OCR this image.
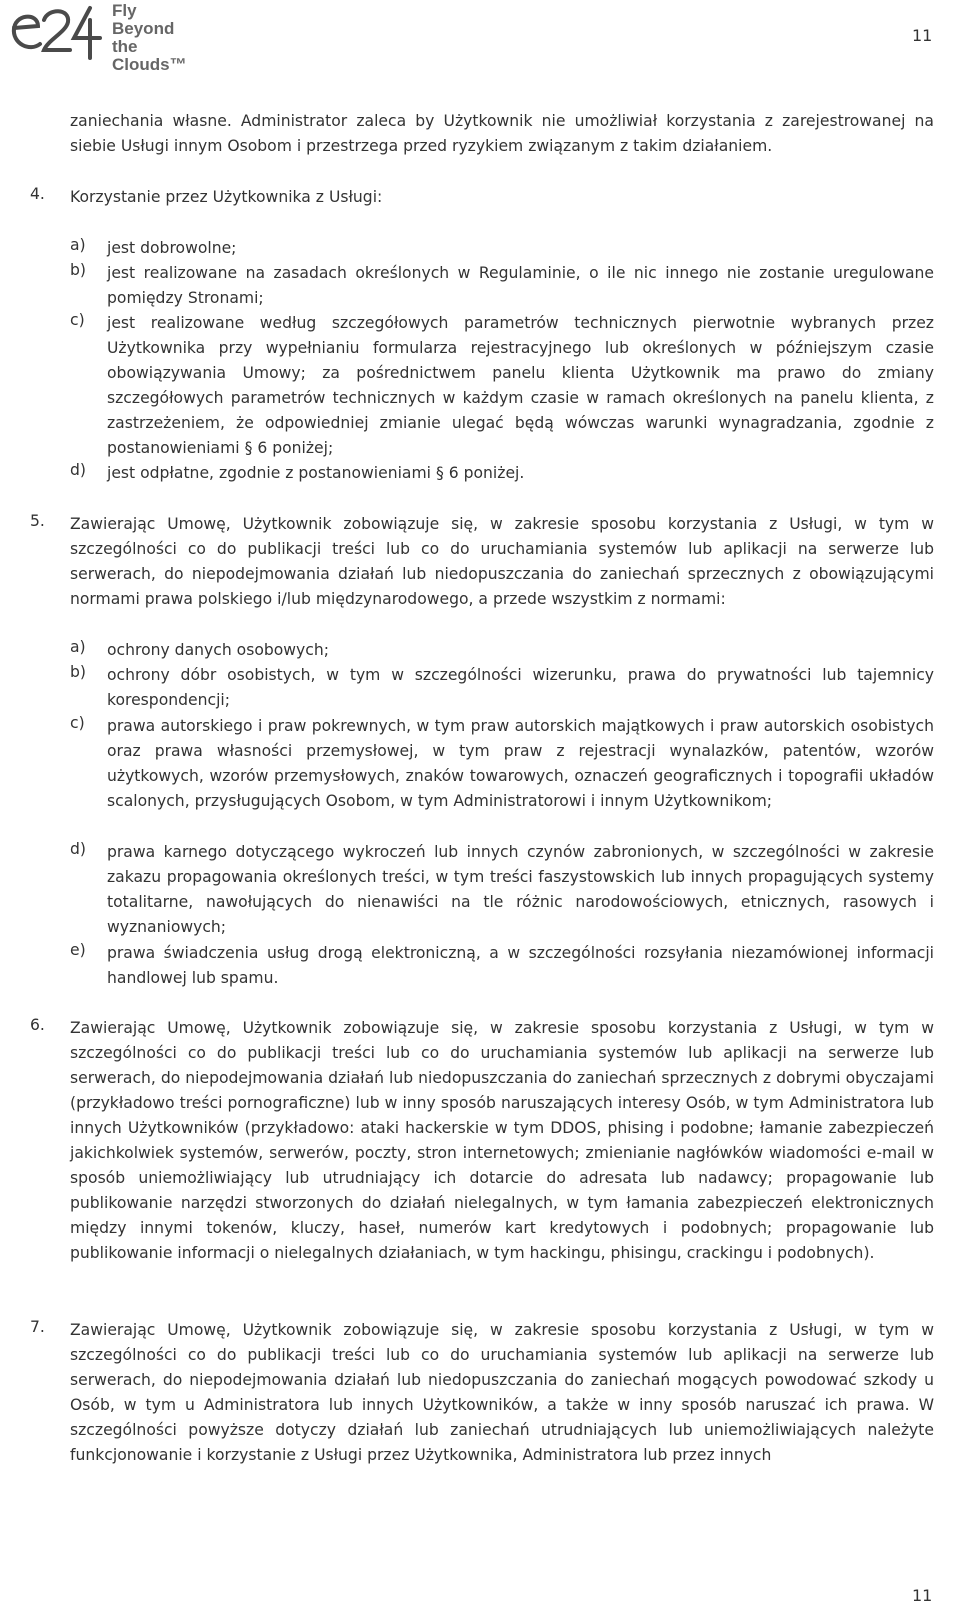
Fly
Beyond
the Clouds™
11
zaniechania własne. Administrator zaleca by Użytkownik nie umożliwiał korzystania z zarejestrowanej na siebie Usługi innym Osobom i przestrzega przed ryzykiem związanym z takim działaniem.
4. Korzystanie przez Użytkownika z Usługi:
a) jest dobrowolne;
b) jest realizowane na zasadach określonych w Regulaminie, o ile nic innego nie zostanie uregulowane pomiędzy Stronami;
c) jest realizowane według szczegółowych parametrów technicznych pierwotnie wybranych przez Użytkownika przy wypełnianiu formularza rejestracyjnego lub określonych w późniejszym czasie obowiązywania Umowy; za pośrednictwem panelu klienta Użytkownik ma prawo do zmiany szczegółowych parametrów technicznych w każdym czasie w ramach określonych na panelu klienta, z zastrzeżeniem, że odpowiedniej zmianie ulegać będą wówczas warunki wynagradzania, zgodnie z postanowieniami § 6 poniżej;
d) jest odpłatne, zgodnie z postanowieniami § 6 poniżej.
5. Zawierając Umowę, Użytkownik zobowiązuje się, w zakresie sposobu korzystania z Usługi, w tym w szczególności co do publikacji treści lub co do uruchamiania systemów lub aplikacji na serwerze lub serwerach, do niepodejmowania działań lub niedopuszczania do zaniechań sprzecznych z obowiązującymi normami prawa polskiego i/lub międzynarodowego, a przede wszystkim z normami:
a) ochrony danych osobowych;
b) ochrony dóbr osobistych, w tym w szczególności wizerunku, prawa do prywatności lub tajemnicy korespondencji;
c) prawa autorskiego i praw pokrewnych, w tym praw autorskich majątkowych i praw autorskich osobistych oraz prawa własności przemysłowej, w tym praw z rejestracji wynalazków, patentów, wzorów użytkowych, wzorów przemysłowych, znaków towarowych, oznaczeń geograficznych i topografii układów scalonych, przysługujących Osobom, w tym Administratorowi i innym Użytkownikom;
d) prawa karnego dotyczącego wykroczeń lub innych czynów zabronionych, w szczególności w zakresie zakazu propagowania określonych treści, w tym treści faszystowskich lub innych propagujących systemy totalitarne, nawołujących do nienawiści na tle różnic narodowościowych, etnicznych, rasowych i wyznaniowych;
e) prawa świadczenia usług drogą elektroniczną, a w szczególności rozsyłania niezamówionej informacji handlowej lub spamu.
6. Zawierając Umowę, Użytkownik zobowiązuje się, w zakresie sposobu korzystania z Usługi, w tym w szczególności co do publikacji treści lub co do uruchamiania systemów lub aplikacji na serwerze lub serwerach, do niepodejmowania działań lub niedopuszczania do zaniechań sprzecznych z dobrymi obyczajami (przykładowo treści pornograficzne) lub w inny sposób naruszających interesy Osób, w tym Administratora lub innych Użytkowników (przykładowo: ataki hackerskie w tym DDOS, phising i podobne; łamanie zabezpieczeń jakichkolwiek systemów, serwerów, poczty, stron internetowych; zmienianie nagłówków wiadomości e-mail w sposób uniemożliwiający lub utrudniający ich dotarcie do adresata lub nadawcy; propagowanie lub publikowanie narzędzi stworzonych do działań nielegalnych, w tym łamania zabezpieczeń elektronicznych między innymi tokenów, kluczy, haseł, numerów kart kredytowych i podobnych; propagowanie lub publikowanie informacji o nielegalnych działaniach, w tym hackingu, phisingu, crackingu i podobnych).
7. Zawierając Umowę, Użytkownik zobowiązuje się, w zakresie sposobu korzystania z Usługi, w tym w szczególności co do publikacji treści lub co do uruchamiania systemów lub aplikacji na serwerze lub serwerach, do niepodejmowania działań lub niedopuszczania do zaniechań mogących powodować szkody u Osób, w tym u Administratora lub innych Użytkowników, a także w inny sposób naruszać ich prawa. W szczególności powyższe dotyczy działań lub zaniechań utrudniających lub uniemożliwiających należyte funkcjonowanie i korzystanie z Usługi przez Użytkownika, Administratora lub przez innych
11
